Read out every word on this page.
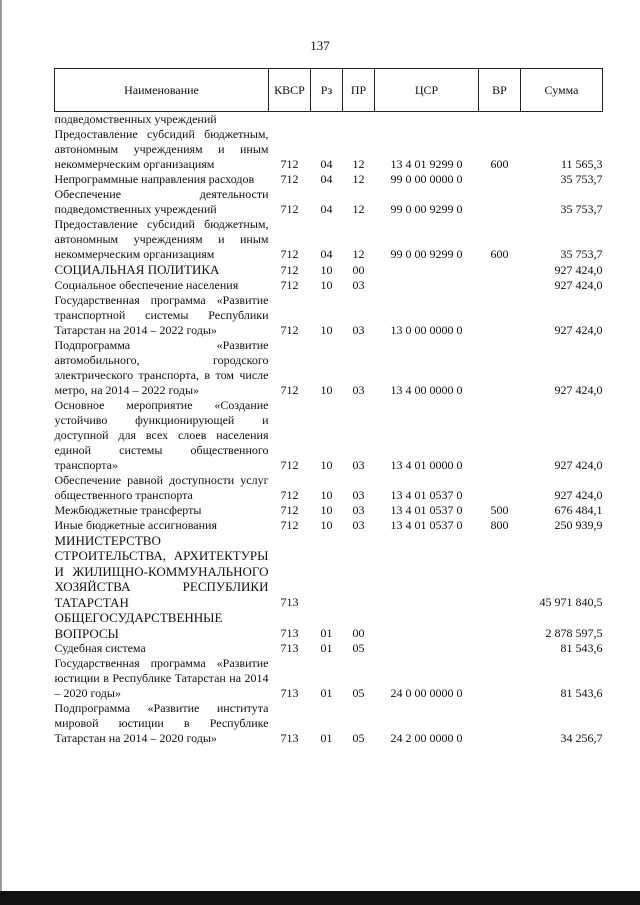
137
Наименование	КВСР	Рз	ПР	ЦСР	ВР	Сумма
подведомственных учреждений						
Предоставление субсидий бюджетным, автономным учреждениям и иным некоммерческим организациям	712	04	12	13 4 01 9299 0	600	11 565,3
Непрограммные направления расходов	712	04	12	99 0 00 0000 0		35 753,7
Обеспечение деятельности подведомственных учреждений	712	04	12	99 0 00 9299 0		35 753,7
Предоставление субсидий бюджетным, автономным учреждениям и иным некоммерческим организациям	712	04	12	99 0 00 9299 0	600	35 753,7
СОЦИАЛЬНАЯ ПОЛИТИКА	712	10	00			927 424,0
Социальное обеспечение населения	712	10	03			927 424,0
Государственная программа «Развитие транспортной системы Республики Татарстан на 2014 – 2022 годы»	712	10	03	13 0 00 0000 0		927 424,0
Подпрограмма «Развитие автомобильного, городского электрического транспорта, в том числе метро, на 2014 – 2022 годы»	712	10	03	13 4 00 0000 0		927 424,0
Основное мероприятие «Создание устойчиво функционирующей и доступной для всех слоев населения единой системы общественного транспорта»	712	10	03	13 4 01 0000 0		927 424,0
Обеспечение равной доступности услуг общественного транспорта	712	10	03	13 4 01 0537 0		927 424,0
Межбюджетные трансферты	712	10	03	13 4 01 0537 0	500	676 484,1
Иные бюджетные ассигнования	712	10	03	13 4 01 0537 0	800	250 939,9
МИНИСТЕРСТВО СТРОИТЕЛЬСТВА, АРХИТЕКТУРЫ И ЖИЛИЩНО-КОММУНАЛЬНОГО ХОЗЯЙСТВА РЕСПУБЛИКИ ТАТАРСТАН	713					45 971 840,5
ОБЩЕГОСУДАРСТВЕННЫЕ ВОПРОСЫ	713	01	00			2 878 597,5
Судебная система	713	01	05			81 543,6
Государственная программа «Развитие юстиции в Республике Татарстан на 2014 – 2020 годы»	713	01	05	24 0 00 0000 0		81 543,6
Подпрограмма «Развитие института мировой юстиции в Республике Татарстан на 2014 – 2020 годы»	713	01	05	24 2 00 0000 0		34 256,7
